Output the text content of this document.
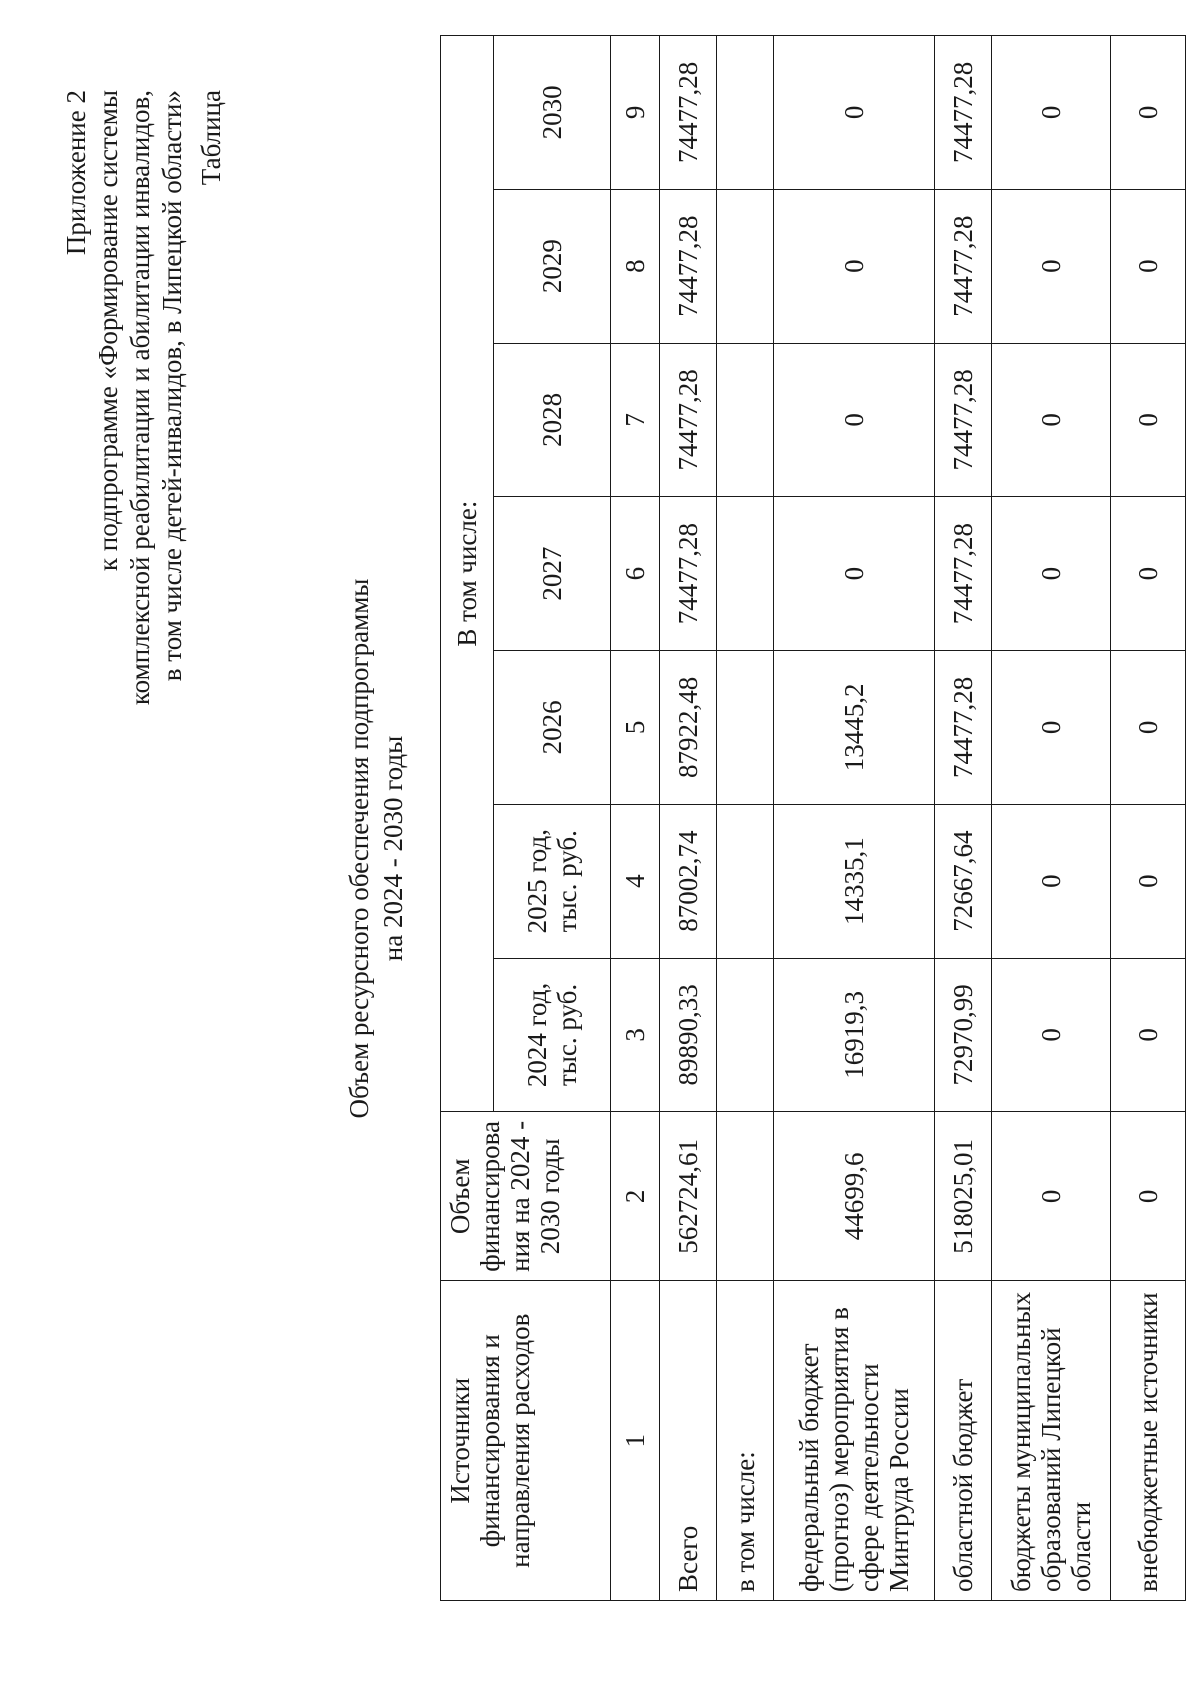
Приложение 2 к подпрограмме «Формирование системы комплексной реабилитации и абилитации инвалидов, в том числе детей-инвалидов, в Липецкой области» Таблица
Объем ресурсного обеспечения подпрограммы на 2024 - 2030 годы
Источники финансирования и направления расходов	Объем финансирова ния на 2024 - 2030 годы	В том числе:						
		2024 год, тыс. руб.	2025 год, тыс. руб.	2026	2027	2028	2029	2030
1	2	3	4	5	6	7	8	9
Всего	562724,61	89890,33	87002,74	87922,48	74477,28	74477,28	74477,28	74477,28
в том числе:								
федеральный бюджет (прогноз) мероприятия в сфере деятельности Минтруда России	44699,6	16919,3	14335,1	13445,2	0	0	0	0
областной бюджет	518025,01	72970,99	72667,64	74477,28	74477,28	74477,28	74477,28	74477,28
бюджеты муниципальных образований Липецкой области	0	0	0	0	0	0	0	0
внебюджетные источники	0	0	0	0	0	0	0	0
